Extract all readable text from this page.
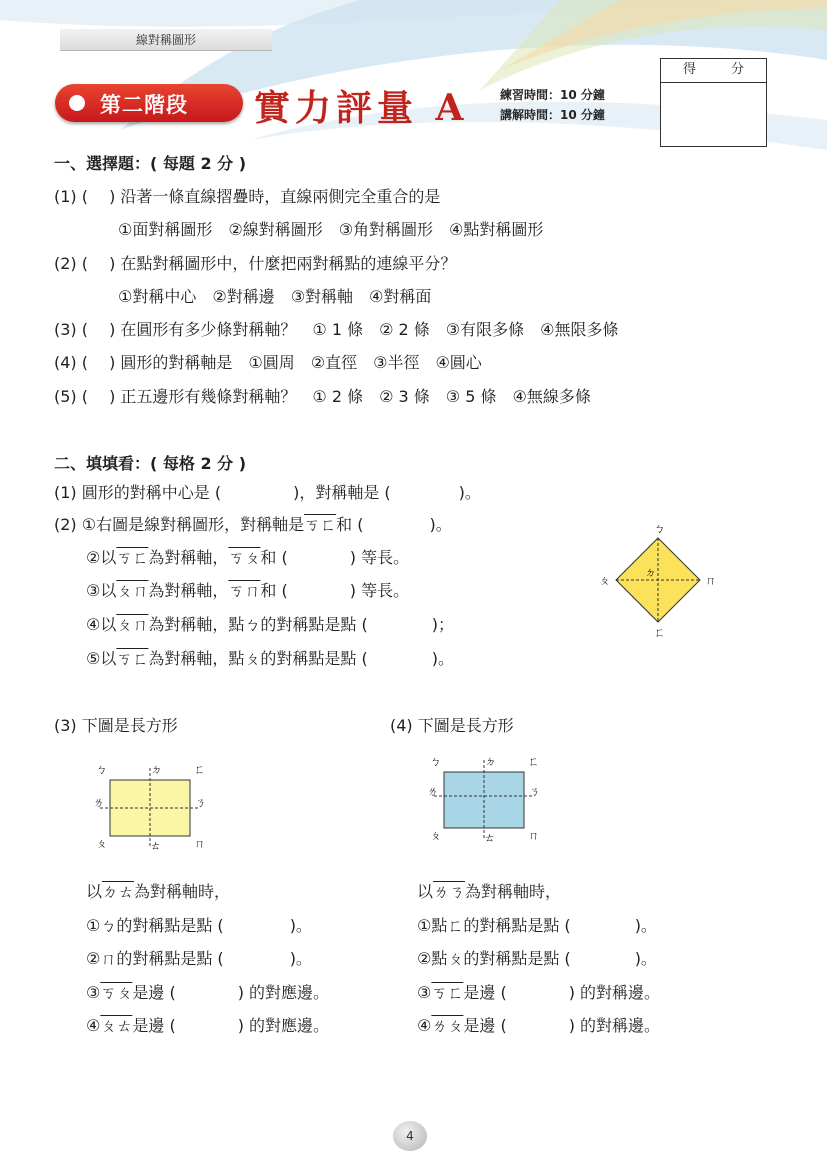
線對稱圖形
第二階段 實力評量 A	練習時間：10 分鐘
講解時間：10 分鐘
得	分
一、選擇題：( 每題 2 分 )
(1) (　 ) 沿著一條直線摺疊時，直線兩側完全重合的是
①面對稱圖形　②線對稱圖形　③角對稱圖形　④點對稱圖形
(2) (　 ) 在點對稱圖形中，什麼把兩對稱點的連線平分？
①對稱中心　②對稱邊　③對稱軸　④對稱面
(3) (　 ) 在圓形有多少條對稱軸？　① 1 條　② 2 條　③有限多條　④無限多條
(4) (　 ) 圓形的對稱軸是　①圓周　②直徑　③半徑　④圓心
(5) (　 ) 正五邊形有幾條對稱軸？　① 2 條　② 3 條　③ 5 條　④無線多條
二、填填看：( 每格 2 分 )
(1) 圓形的對稱中心是 (	)，對稱軸是 (	)。
(2) ①右圖是線對稱圖形，對稱軸是ㄎㄈ和 (	)。
②以ㄎㄈ為對稱軸，ㄎㄆ和 (	) 等長。
③以ㄆㄇ為對稱軸，ㄎㄇ和 (	) 等長。
④以ㄆㄇ為對稱軸，點ㄅ的對稱點是點 (	)；
⑤以ㄎㄈ為對稱軸，點ㄆ的對稱點是點 (	)。
ㄅ
ㄆ
ㄉ
ㄇ
ㄈ
(3) 下圖是長方形
ㄅ	ㄉ	ㄈ
ㄌ	ㄋ
ㄆ	ㄊ	ㄇ
以ㄉㄊ為對稱軸時，
①ㄅ的對稱點是點 (	)。
②ㄇ的對稱點是點 (	)。
③ㄎㄆ是邊 (	) 的對應邊。
④ㄆㄊ是邊 (	) 的對應邊。
(4) 下圖是長方形
ㄅ	ㄉ	ㄈ
ㄌ	ㄋ
ㄆ	ㄊ	ㄇ
以ㄌㄋ為對稱軸時，
①點ㄈ的對稱點是點 (	)。
②點ㄆ的對稱點是點 (	)。
③ㄎㄈ是邊 (	) 的對稱邊。
④ㄌㄆ是邊 (	) 的對稱邊。
4
